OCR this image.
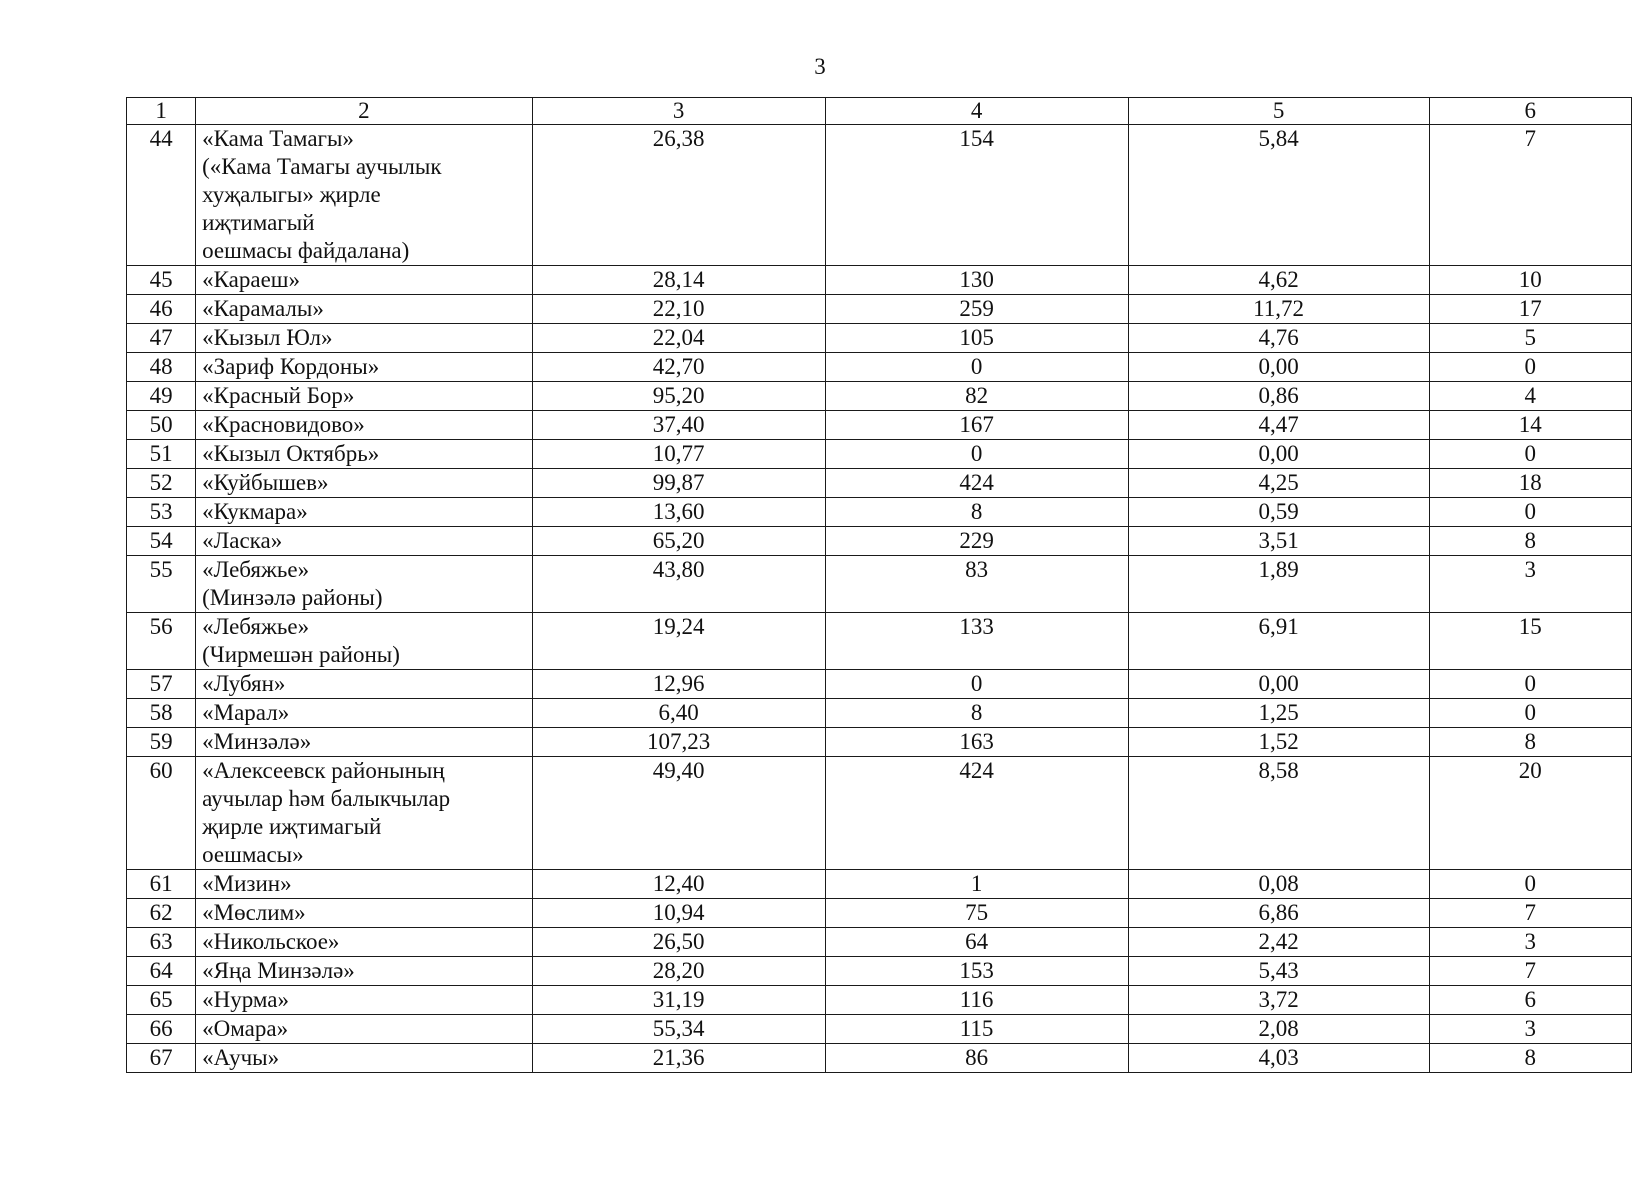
3
1	2	3	4	5	6
44	«Кама Тамагы»
(«Кама Тамагы аучылык
хуҗалыгы» җирле
иҗтимагый
оешмасы файдалана)	26,38	154	5,84	7
45	«Караеш»	28,14	130	4,62	10
46	«Карамалы»	22,10	259	11,72	17
47	«Кызыл Юл»	22,04	105	4,76	5
48	«Зариф Кордоны»	42,70	0	0,00	0
49	«Красный Бор»	95,20	82	0,86	4
50	«Красновидово»	37,40	167	4,47	14
51	«Кызыл Октябрь»	10,77	0	0,00	0
52	«Куйбышев»	99,87	424	4,25	18
53	«Кукмара»	13,60	8	0,59	0
54	«Ласка»	65,20	229	3,51	8
55	«Лебяжье»
(Минзәлә районы)	43,80	83	1,89	3
56	«Лебяжье»
(Чирмешән районы)	19,24	133	6,91	15
57	«Лубян»	12,96	0	0,00	0
58	«Марал»	6,40	8	1,25	0
59	«Минзәлә»	107,23	163	1,52	8
60	«Алексеевск районының
аучылар һәм балыкчылар
җирле иҗтимагый
оешмасы»	49,40	424	8,58	20
61	«Мизин»	12,40	1	0,08	0
62	«Мөслим»	10,94	75	6,86	7
63	«Никольское»	26,50	64	2,42	3
64	«Яңа Минзәлә»	28,20	153	5,43	7
65	«Нурма»	31,19	116	3,72	6
66	«Омара»	55,34	115	2,08	3
67	«Аучы»	21,36	86	4,03	8
